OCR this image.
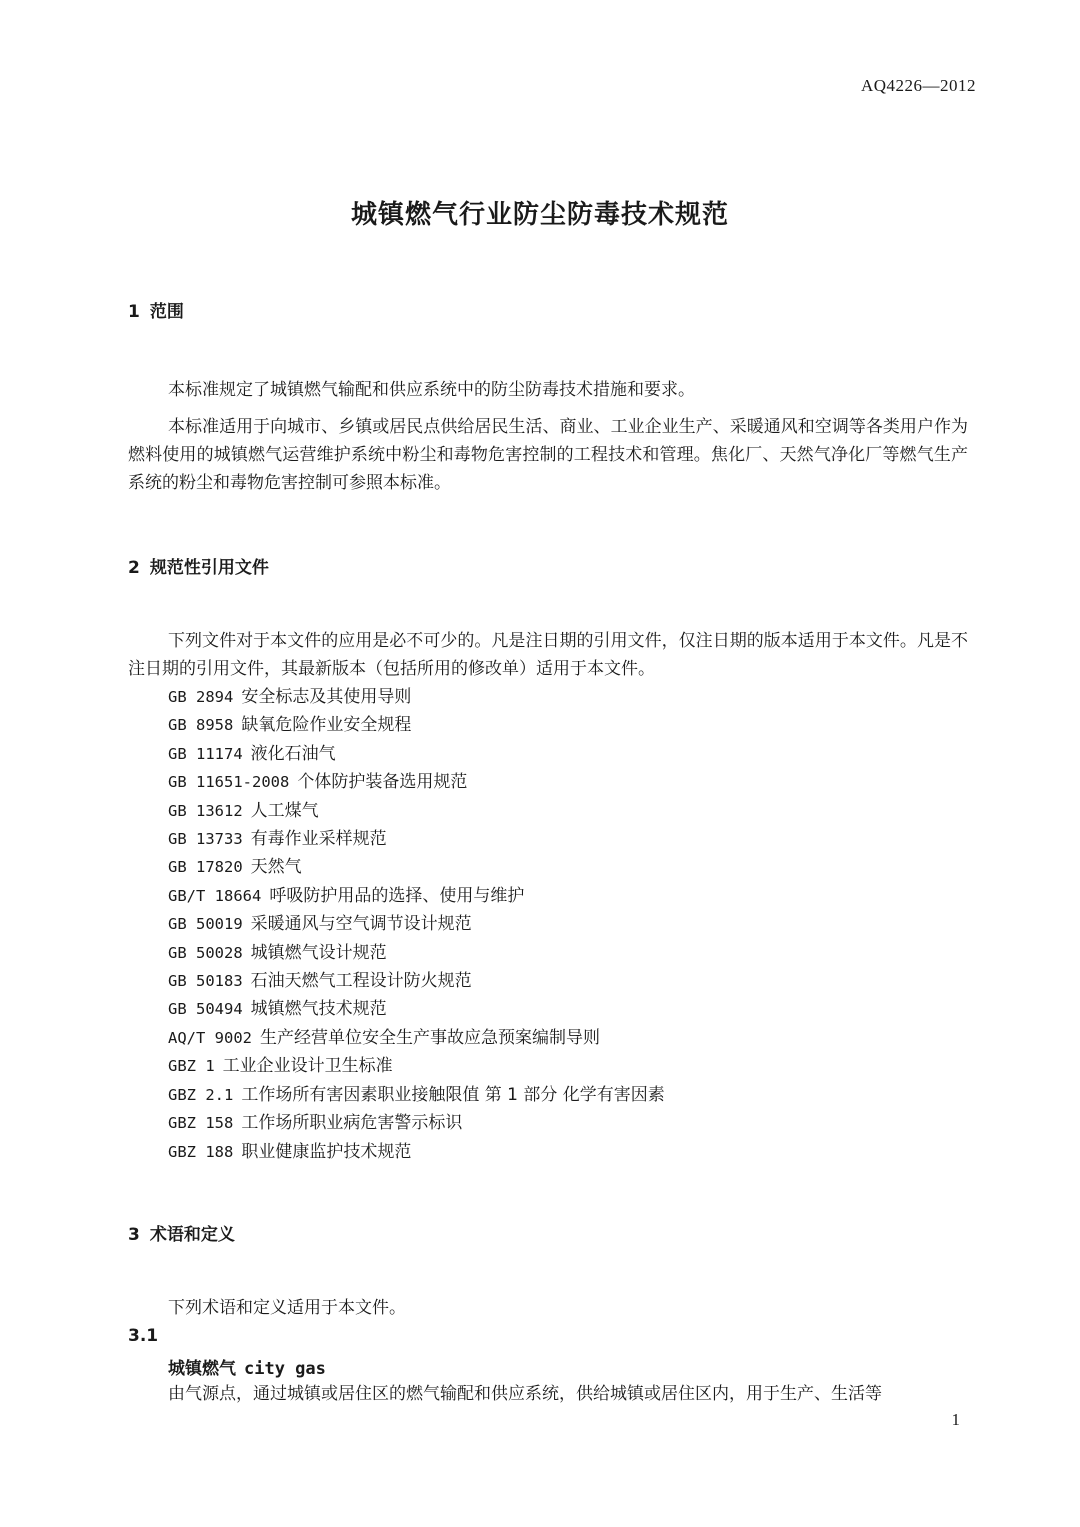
AQ4226—2012
城镇燃气行业防尘防毒技术规范
1 范围

本标准规定了城镇燃气输配和供应系统中的防尘防毒技术措施和要求。

本标准适用于向城市、乡镇或居民点供给居民生活、商业、工业企业生产、采暖通风和空调等各类用户作为燃料使用的城镇燃气运营维护系统中粉尘和毒物危害控制的工程技术和管理。焦化厂、天然气净化厂等燃气生产系统的粉尘和毒物危害控制可参照本标准。

2 规范性引用文件

下列文件对于本文件的应用是必不可少的。凡是注日期的引用文件，仅注日期的版本适用于本文件。凡是不注日期的引用文件，其最新版本（包括所用的修改单）适用于本文件。

GB 2894 安全标志及其使用导则
GB 8958 缺氧危险作业安全规程
GB 11174 液化石油气
GB 11651-2008 个体防护装备选用规范
GB 13612 人工煤气
GB 13733 有毒作业采样规范
GB 17820 天然气
GB/T 18664 呼吸防护用品的选择、使用与维护
GB 50019 采暖通风与空气调节设计规范
GB 50028 城镇燃气设计规范
GB 50183 石油天燃气工程设计防火规范
GB 50494 城镇燃气技术规范
AQ/T 9002 生产经营单位安全生产事故应急预案编制导则
GBZ 1 工业企业设计卫生标准
GBZ 2.1 工作场所有害因素职业接触限值 第 1 部分 化学有害因素
GBZ 158 工作场所职业病危害警示标识
GBZ 188 职业健康监护技术规范
3 术语和定义

下列术语和定义适用于本文件。

3.1
城镇燃气 city gas

由气源点，通过城镇或居住区的燃气输配和供应系统，供给城镇或居住区内，用于生产、生活等

1
